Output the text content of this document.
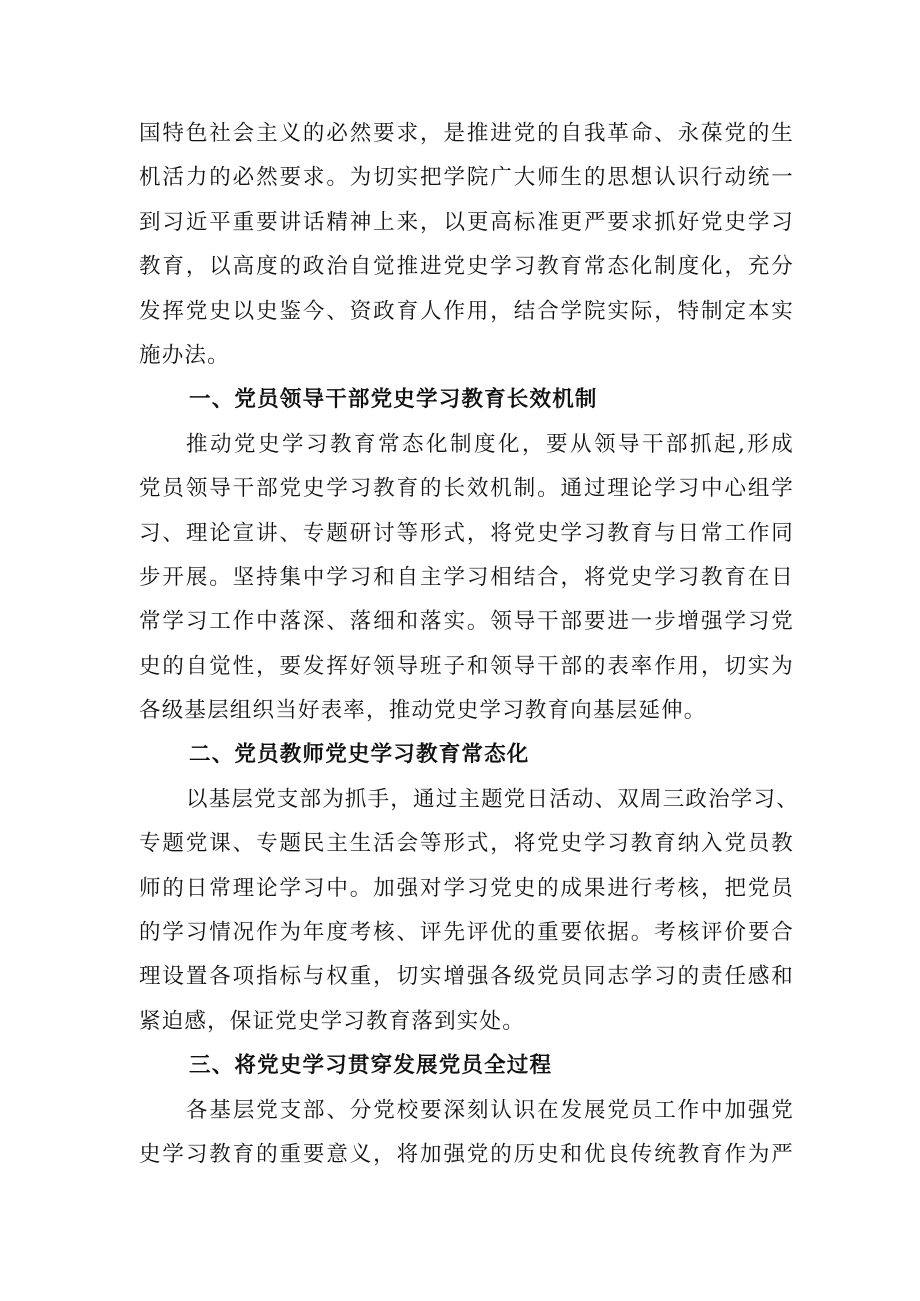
国特色社会主义的必然要求，是推进党的自我革命、永葆党的生
机活力的必然要求。为切实把学院广大师生的思想认识行动统一
到习近平重要讲话精神上来，以更高标准更严要求抓好党史学习
教育，以高度的政治自觉推进党史学习教育常态化制度化，充分
发挥党史以史鉴今、资政育人作用，结合学院实际，特制定本实
施办法。
一、党员领导干部党史学习教育长效机制
推动党史学习教育常态化制度化，要从领导干部抓起,形成
党员领导干部党史学习教育的长效机制。通过理论学习中心组学
习、理论宣讲、专题研讨等形式，将党史学习教育与日常工作同
步开展。坚持集中学习和自主学习相结合，将党史学习教育在日
常学习工作中落深、落细和落实。领导干部要进一步增强学习党
史的自觉性，要发挥好领导班子和领导干部的表率作用，切实为
各级基层组织当好表率，推动党史学习教育向基层延伸。
二、党员教师党史学习教育常态化
以基层党支部为抓手，通过主题党日活动、双周三政治学习、
专题党课、专题民主生活会等形式，将党史学习教育纳入党员教
师的日常理论学习中。加强对学习党史的成果进行考核，把党员
的学习情况作为年度考核、评先评优的重要依据。考核评价要合
理设置各项指标与权重，切实增强各级党员同志学习的责任感和
紧迫感，保证党史学习教育落到实处。
三、将党史学习贯穿发展党员全过程
各基层党支部、分党校要深刻认识在发展党员工作中加强党
史学习教育的重要意义，将加强党的历史和优良传统教育作为严
